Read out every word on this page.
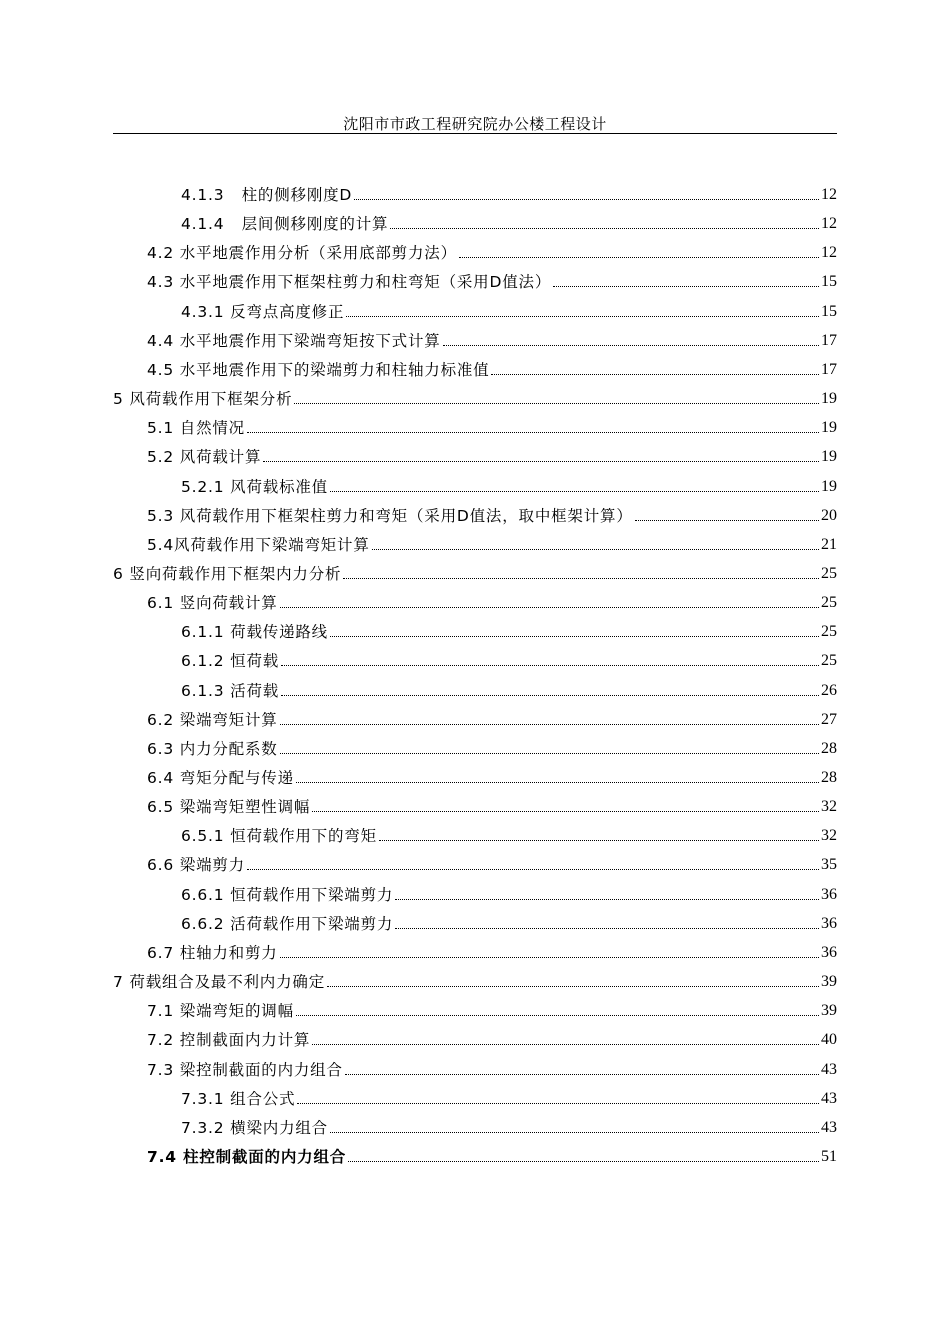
沈阳市市政工程研究院办公楼工程设计
4.1.3   柱的侧移刚度D	12
4.1.4   层间侧移刚度的计算	12
4.2 水平地震作用分析（采用底部剪力法）	12
4.3 水平地震作用下框架柱剪力和柱弯矩（采用D值法）	15
4.3.1 反弯点高度修正	15
4.4 水平地震作用下梁端弯矩按下式计算	17
4.5 水平地震作用下的梁端剪力和柱轴力标准值	17
5 风荷载作用下框架分析	19
5.1 自然情况	19
5.2 风荷载计算	19
5.2.1 风荷载标准值	19
5.3 风荷载作用下框架柱剪力和弯矩（采用D值法，取中框架计算）	20
5.4风荷载作用下梁端弯矩计算	21
6 竖向荷载作用下框架内力分析	25
6.1 竖向荷载计算	25
6.1.1 荷载传递路线	25
6.1.2 恒荷载	25
6.1.3 活荷载	26
6.2 梁端弯矩计算	27
6.3 内力分配系数	28
6.4 弯矩分配与传递	28
6.5 梁端弯矩塑性调幅	32
6.5.1 恒荷载作用下的弯矩	32
6.6 梁端剪力	35
6.6.1 恒荷载作用下梁端剪力	36
6.6.2 活荷载作用下梁端剪力	36
6.7 柱轴力和剪力	36
7 荷载组合及最不利内力确定	39
7.1 梁端弯矩的调幅	39
7.2 控制截面内力计算	40
7.3 梁控制截面的内力组合	43
7.3.1 组合公式	43
7.3.2 横梁内力组合	43
7.4 柱控制截面的内力组合	51
